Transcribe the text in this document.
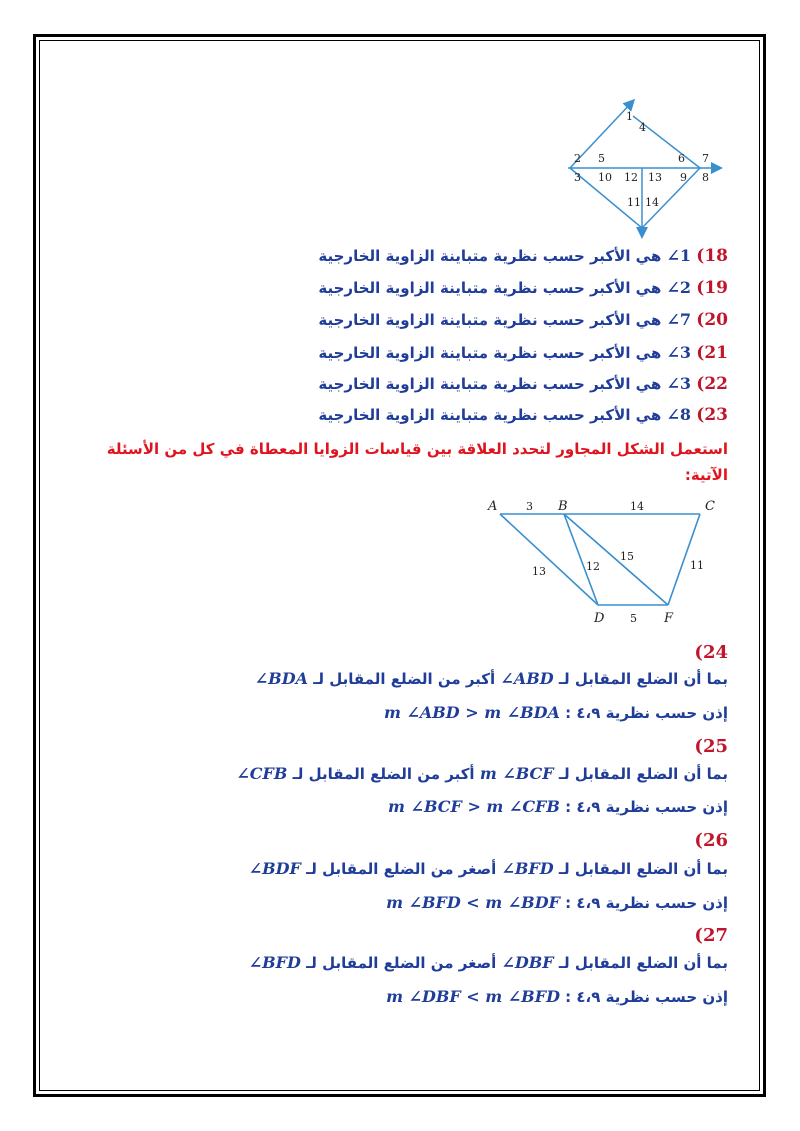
1
4
2 5	6 7
3 10 12 13 9 8
11 14
18) 1∠ هي الأكبر حسب نظرية متباينة الزاوية الخارجية
19) 2∠ هي الأكبر حسب نظرية متباينة الزاوية الخارجية
20) 7∠ هي الأكبر حسب نظرية متباينة الزاوية الخارجية
21) 3∠ هي الأكبر حسب نظرية متباينة الزاوية الخارجية
22) 3∠ هي الأكبر حسب نظرية متباينة الزاوية الخارجية
23) 8∠ هي الأكبر حسب نظرية متباينة الزاوية الخارجية
استعمل الشكل المجاور لتحدد العلاقة بين قياسات الزوايا المعطاة في كل من الأسئلة الآتية:
A	B	C
D	F
3	14
13	12
15
11
5
(24
بما أن الضلع المقابل لـ ∠ABD أكبر من الضلع المقابل لـ ∠BDA
إذن حسب نظرية ٤،٩ : m ∠ABD > m ∠BDA
(25
بما أن الضلع المقابل لـ m ∠BCF أكبر من الضلع المقابل لـ ∠CFB
إذن حسب نظرية ٤،٩ : m ∠BCF > m ∠CFB
(26
بما أن الضلع المقابل لـ ∠BFD أصغر من الضلع المقابل لـ ∠BDF
إذن حسب نظرية ٤،٩ : m ∠BFD < m ∠BDF
(27
بما أن الضلع المقابل لـ ∠DBF أصغر من الضلع المقابل لـ ∠BFD
إذن حسب نظرية ٤،٩ : m ∠DBF < m ∠BFD
